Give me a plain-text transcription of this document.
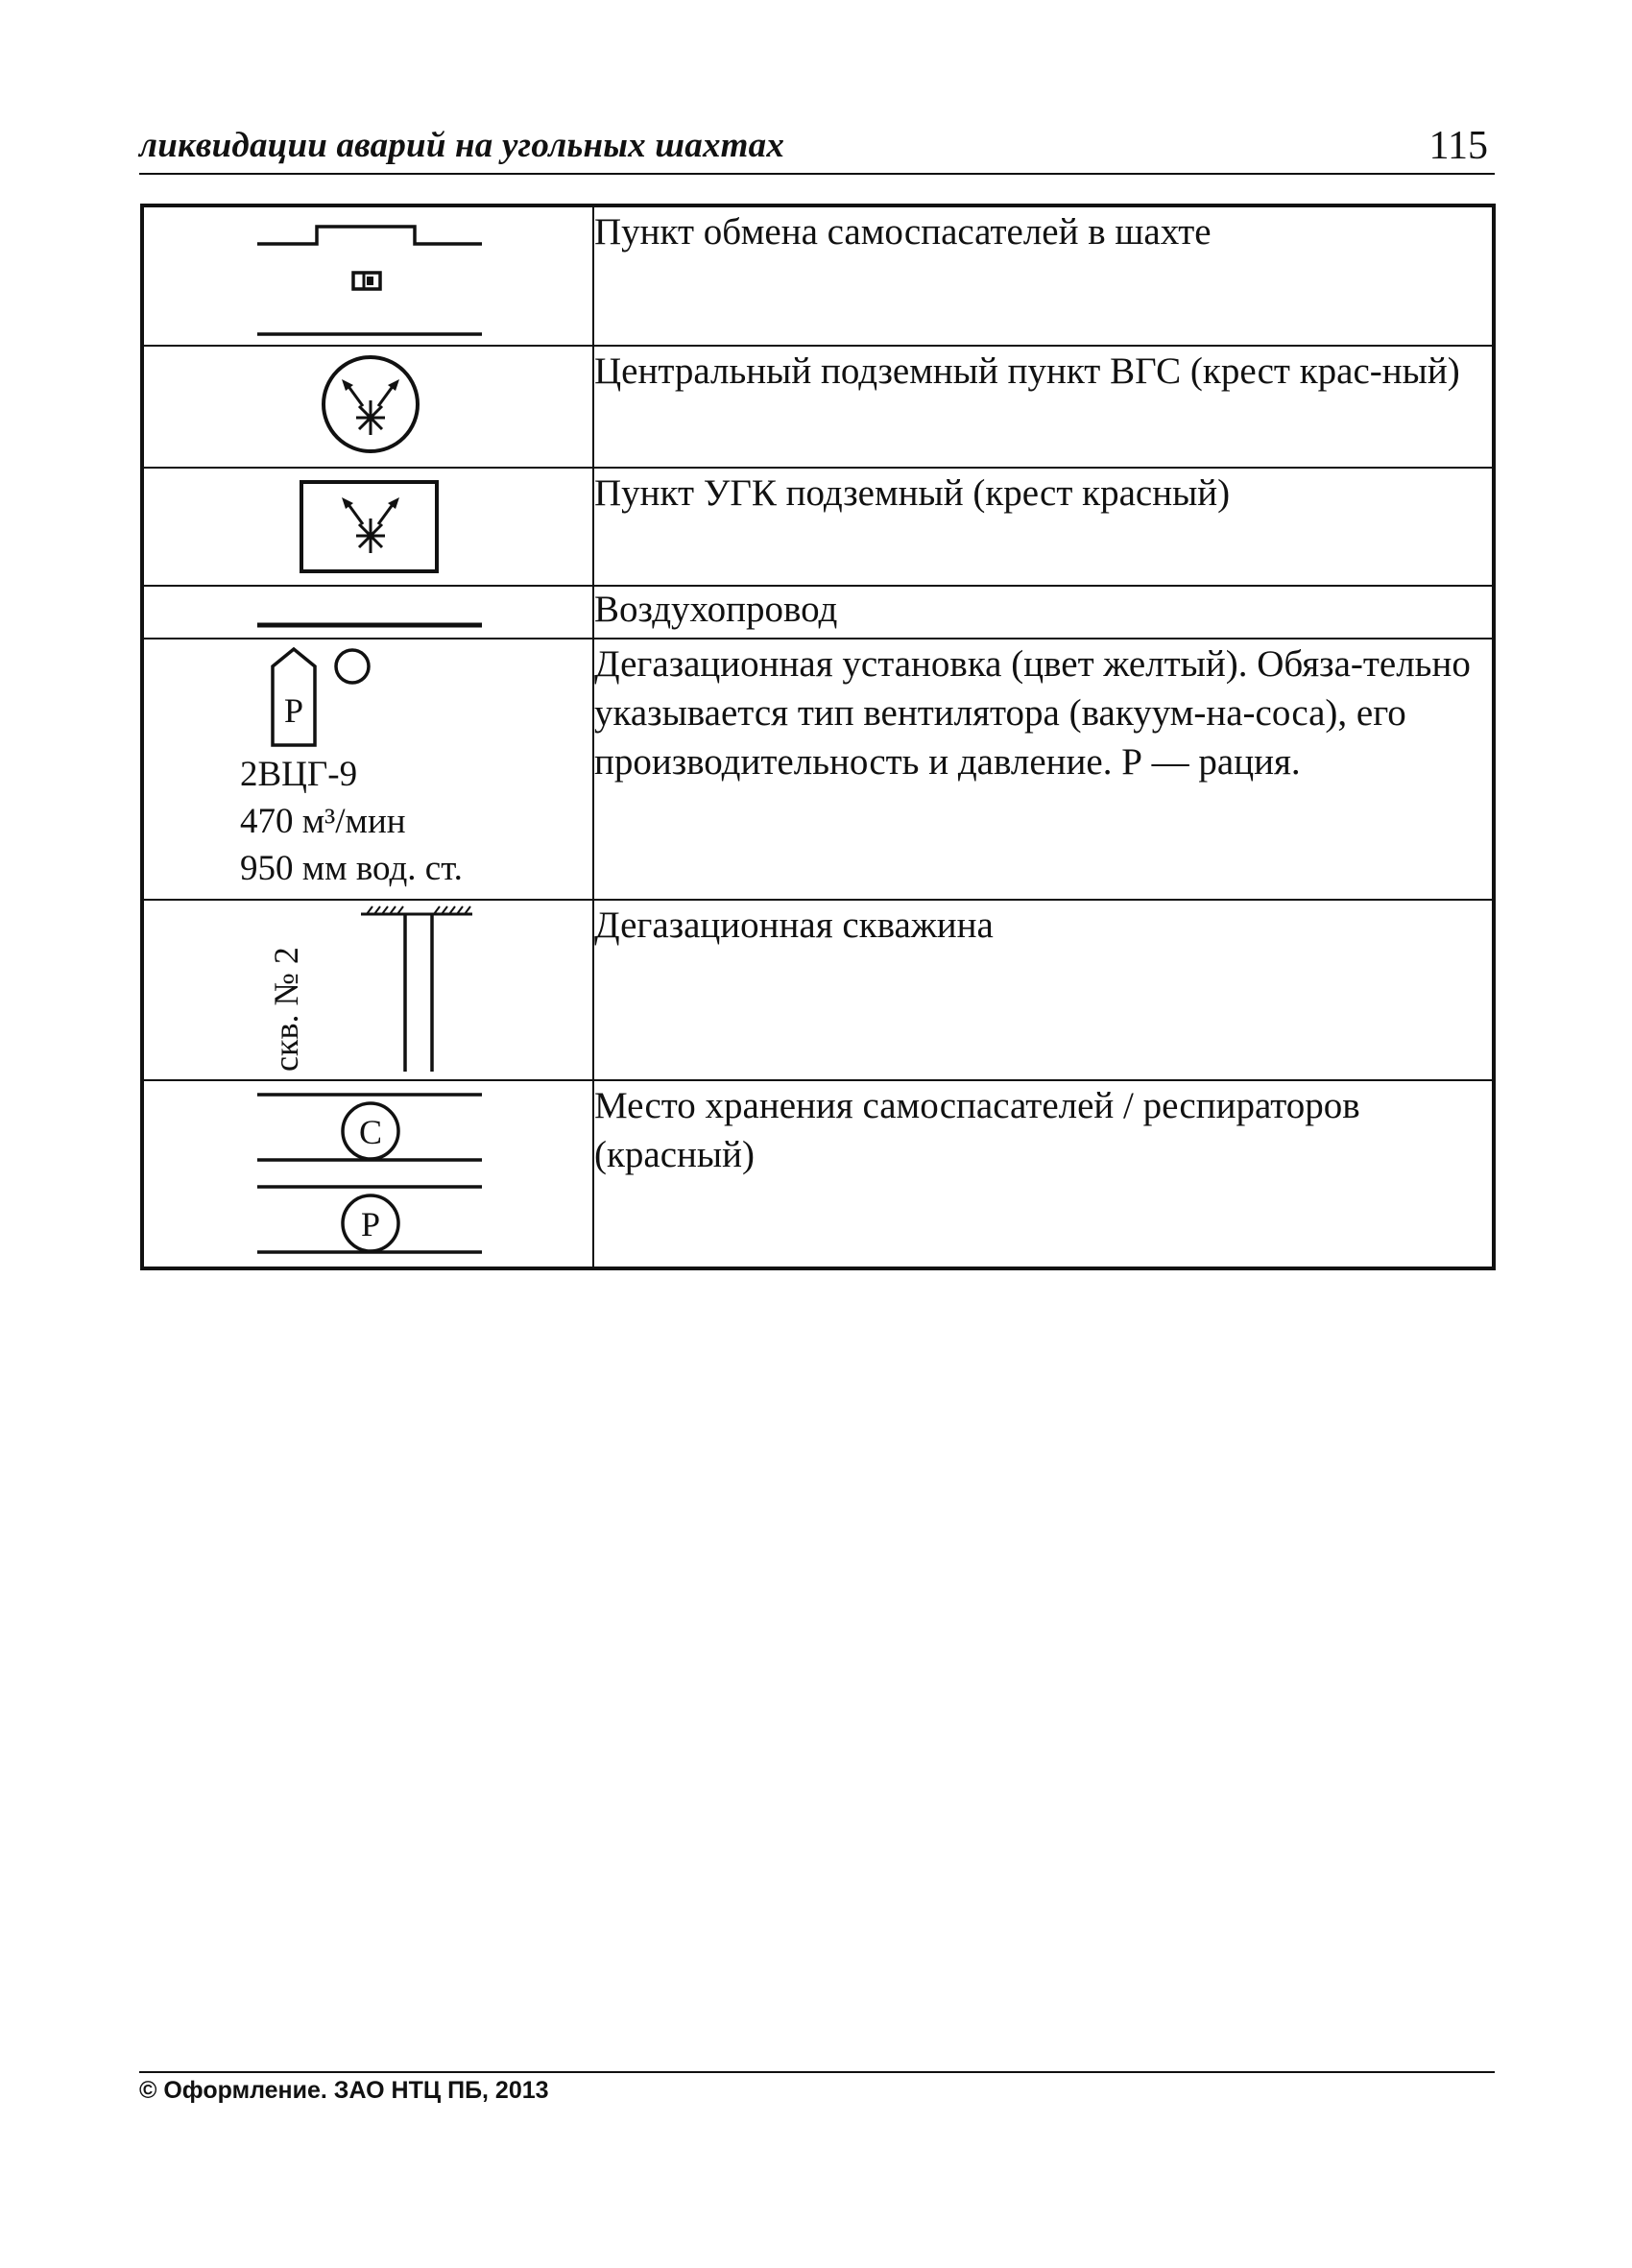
ликвидации аварий на угольных шахтах	115
	Пункт обмена самоспасателей в шахте

	Центральный подземный пункт ВГС (крест крас-ный)

	Пункт УГК подземный (крест красный)

	Воздухопровод

Р
2ВЦГ-9
470 м³/мин
950 мм вод. ст.	Дегазационная установка (цвет желтый). Обяза-тельно указывается тип вентилятора (вакуум-на-соса), его производительность и давление. Р — рация.

скв. № 2	Дегазационная скважина

С
Р	Место хранения самоспасателей / респираторов (красный)
© Оформление. ЗАО НТЦ ПБ, 2013
